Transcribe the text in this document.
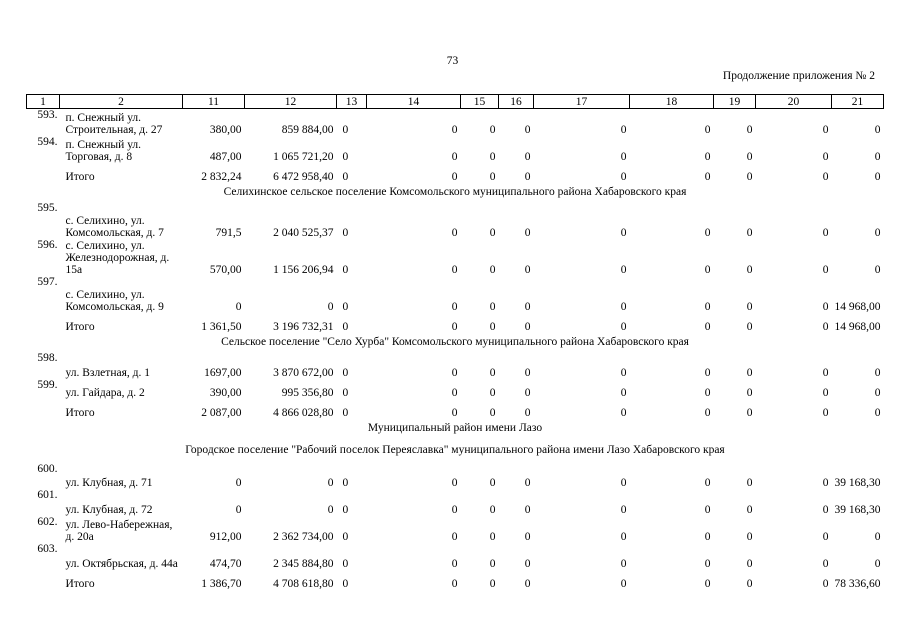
73
Продолжение приложения № 2
1	2	11	12	13	14	15	16	17	18	19	20	21
593.	п. Снежный ул. Строительная, д. 27	380,00	859 884,00	0	0	0	0	0	0	0	0	0
594.	п. Снежный ул. Торговая, д. 8	487,00	1 065 721,20	0	0	0	0	0	0	0	0	0
	Итого	2 832,24	6 472 958,40	0	0	0	0	0	0	0	0	0
Селихинское сельское поселение Комсомольского муниципального района Хабаровского края												
595.	с. Селихино, ул. Комсомольская, д. 7	791,5	2 040 525,37	0	0	0	0	0	0	0	0	0
596.	с. Селихино, ул. Железнодорожная, д. 15а	570,00	1 156 206,94	0	0	0	0	0	0	0	0	0
597.	с. Селихино, ул. Комсомольская, д. 9	0	0	0	0	0	0	0	0	0	0	14 968,00
	Итого	1 361,50	3 196 732,31	0	0	0	0	0	0	0	0	14 968,00
Сельское поселение "Село Хурба" Комсомольского муниципального района Хабаровского края												
598.	ул. Взлетная, д. 1	1697,00	3 870 672,00	0	0	0	0	0	0	0	0	0
599.	ул. Гайдара, д. 2	390,00	995 356,80	0	0	0	0	0	0	0	0	0
	Итого	2 087,00	4 866 028,80	0	0	0	0	0	0	0	0	0
Муниципальный район имени Лазо												
Городское поселение "Рабочий поселок Переяславка" муниципального района имени Лазо Хабаровского края												
600.	ул. Клубная, д. 71	0	0	0	0	0	0	0	0	0	0	39 168,30
601.	ул. Клубная, д. 72	0	0	0	0	0	0	0	0	0	0	39 168,30
602.	ул. Лево-Набережная, д. 20а	912,00	2 362 734,00	0	0	0	0	0	0	0	0	0
603.	ул. Октябрьская, д. 44а	474,70	2 345 884,80	0	0	0	0	0	0	0	0	0
	Итого	1 386,70	4 708 618,80	0	0	0	0	0	0	0	0	78 336,60
